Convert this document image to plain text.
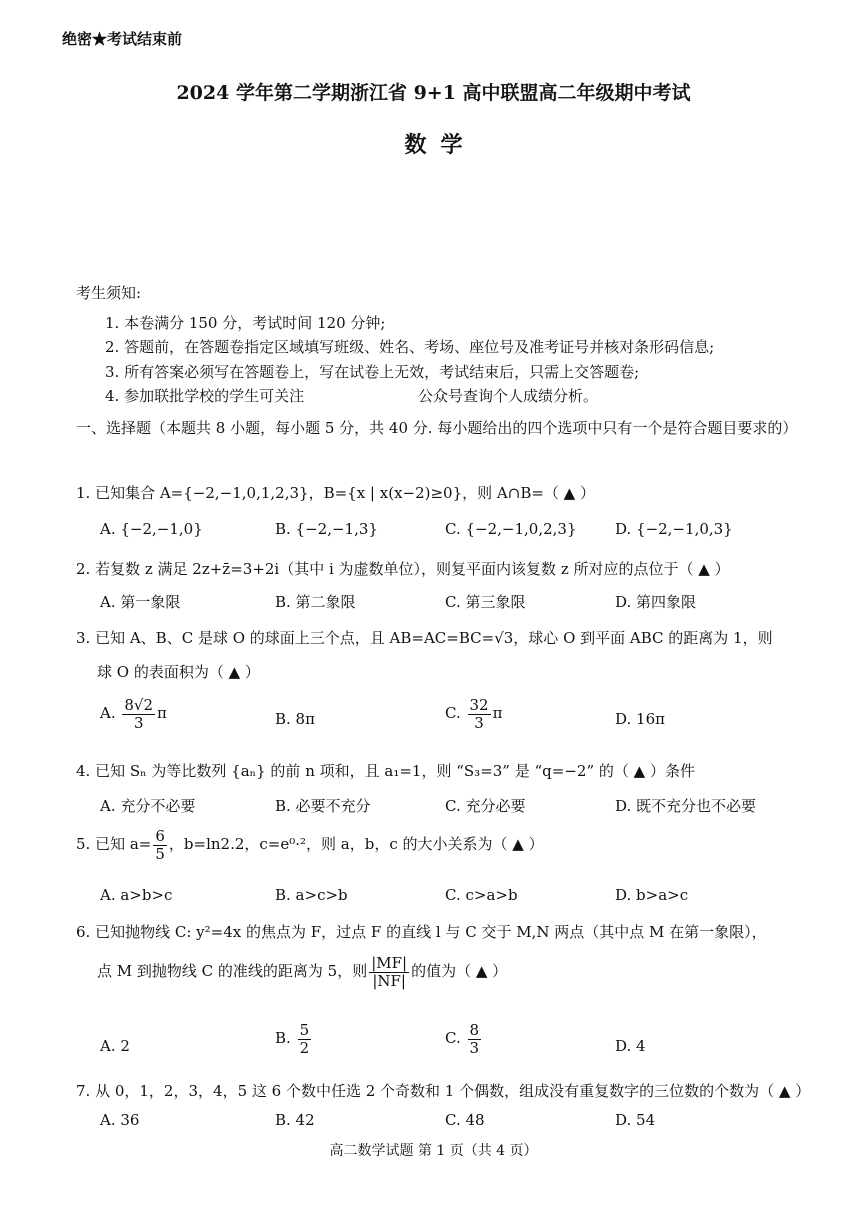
绝密★考试结束前
2024 学年第二学期浙江省 9+1 高中联盟高二年级期中考试
数学
考生须知:
1. 本卷满分 150 分，考试时间 120 分钟;
2. 答题前，在答题卷指定区域填写班级、姓名、考场、座位号及准考证号并核对条形码信息;
3. 所有答案必须写在答题卷上，写在试卷上无效，考试结束后，只需上交答题卷;
4. 参加联批学校的学生可关注	公众号查询个人成绩分析。
一、选择题（本题共 8 小题，每小题 5 分，共 40 分. 每小题给出的四个选项中只有一个是符合题目要求的）
1. 已知集合 A={−2,−1,0,1,2,3}，B={x | x(x−2)≥0}，则 A∩B=（ ▲ ）
A. {−2,−1,0}	B. {−2,−1,3}	C. {−2,−1,0,2,3}	D. {−2,−1,0,3}
2. 若复数 z 满足 2z+z̄=3+2i（其中 i 为虚数单位），则复平面内该复数 z 所对应的点位于（ ▲ ）
A. 第一象限	B. 第二象限	C. 第三象限	D. 第四象限
3. 已知 A、B、C 是球 O 的球面上三个点，且 AB=AC=BC=√3，球心 O 到平面 ABC 的距离为 1，则
球 O 的表面积为（ ▲ ）
A. $\frac{8√2}{3}$ π	B. 8π	C. $\frac{32}{3}$ π	D. 16π
4. 已知 Sₙ 为等比数列 {aₙ} 的前 n 项和，且 a₁=1，则 “S₃=3” 是 “q=−2” 的（ ▲ ）条件
A. 充分不必要	B. 必要不充分	C. 充分必要	D. 既不充分也不必要
5. 已知 $a= \frac{6}{5}$ ，b=ln2.2，c=e⁰·²，则 a，b，c 的大小关系为（ ▲ ）
A. a>b>c	B. a>c>b	C. c>a>b	D. b>a>c
6. 已知抛物线 C: y²=4x 的焦点为 F，过点 F 的直线 l 与 C 交于 M,N 两点（其中点 M 在第一象限），
点 M 到抛物线 C 的准线的距离为 5，则 $\frac{|MF|}{|NF|}$ 的值为（ ▲ ）
A. 2	B. $\frac{5}{2}$	C. $\frac{8}{3}$	D. 4
7. 从 0，1，2，3，4，5 这 6 个数中任选 2 个奇数和 1 个偶数，组成没有重复数字的三位数的个数为（ ▲ ）
A. 36	B. 42	C. 48	D. 54
高二数学试题 第 1 页（共 4 页）
